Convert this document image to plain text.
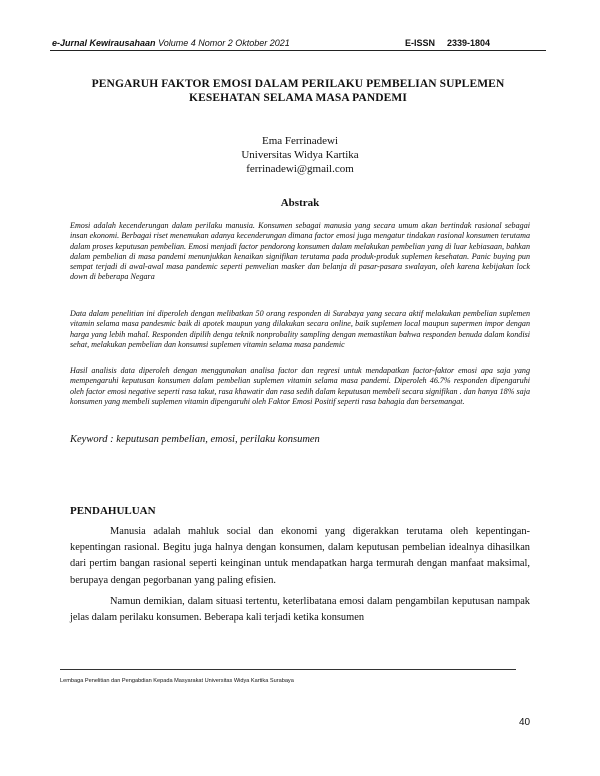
e-Jurnal Kewirausahaan Volume 4 Nomor 2 Oktober 2021	E-ISSN 2339-1804
PENGARUH FAKTOR EMOSI DALAM PERILAKU PEMBELIAN SUPLEMEN KESEHATAN SELAMA MASA PANDEMI
Ema Ferrinadewi
Universitas Widya Kartika
ferrinadewi@gmail.com
Abstrak
Emosi adalah kecenderungan dalam perilaku manusia. Konsumen sebagai manusia yang secara umum akan bertindak rasional sebagai insan ekonomi. Berbagai riset menemukan adanya kecenderungan dimana factor emosi juga mengatur tindakan rasional konsumen terutama dalam proses keputusan pembelian. Emosi menjadi factor pendorong konsumen dalam melakukan pembelian yang di luar kebiasaan, bahkan dalam pembelian di masa pandemi menunjukkan kenaikan signifikan terutama pada produk-produk suplemen kesehatan. Panic buying pun sempat terjadi di awal-awal masa pandemic seperti pemvelian masker dan belanja di pasar-pasara swalayan, oleh karena kebijakan lock down di beberapa Negara
Data dalam penelitian ini diperoleh dengan melibatkan 50 orang responden di Surabaya yang secara aktif melakukan pembelian suplemen vitamin selama masa pandesmic baik di apotek maupun yang dilakukan secara online, baik suplemen local maupun supermen impor dengan harga yang lebih mahal. Responden dipilih denga teknik nonprobality sampling dengan memastikan bahwa responden benuda dalam kondisi sehat, melakukan pembelian dan konsumsi suplemen vitamin selama masa pandemic
Hasil analisis data diperoleh dengan menggunakan analisa factor dan regresi untuk mendapatkan factor-faktor emosi apa saja yang mempengaruhi keputusan konsumen dalam pembelian suplemen vitamin selama masa pandemi. Diperoleh 46.7% responden dipengaruhi oleh factor emosi negative seperti rasa takut, rasa khawatir dan rasa sedih dalam keputusan membeli secara signifikan . dan hanya 18% saja konsumen yang membeli suplemen vitamin dipengaruhi oleh Faktor Emosi Positif seperti rasa bahagia dan bersemangat.
Keyword : keputusan pembelian, emosi, perilaku konsumen
PENDAHULUAN
Manusia adalah mahluk social dan ekonomi yang digerakkan terutama oleh kepentingan-kepentingan rasional. Begitu juga halnya dengan konsumen, dalam keputusan pembelian idealnya dihasilkan dari pertim bangan rasional seperti keinginan untuk mendapatkan harga termurah dengan manfaat maksimal, berupaya dengan pegorbanan yang paling efisien.
Namun demikian, dalam situasi tertentu, keterlibatana emosi dalam pengambilan keputusan nampak jelas dalam perilaku konsumen. Beberapa kali terjadi ketika konsumen
Lembaga Penelitian dan Pengabdian Kepada Masyarakat Universitas Widya Kartika Surabaya
40
